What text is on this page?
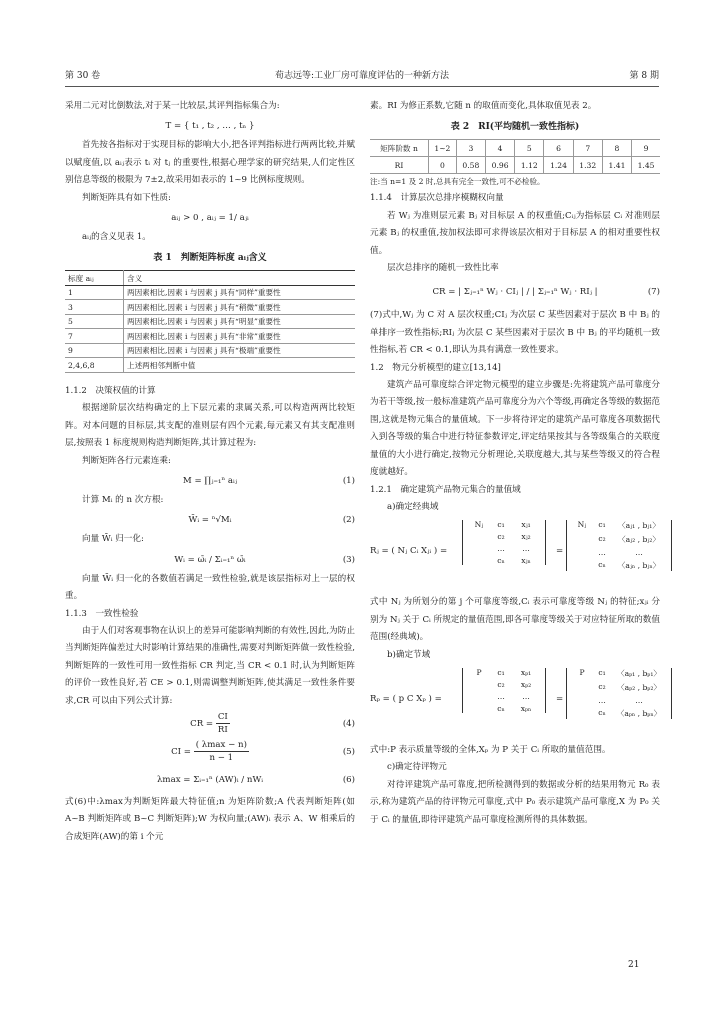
第 30 卷	荀志远等:工业厂房可靠度评估的一种新方法	第 8 期

采用二元对比倒数法,对于某一比较层,其评判指标集合为:

T = { t₁ , t₂ , … , tₙ }

首先按各指标对于实现目标的影响大小,把各评判指标进行两两比较,并赋以赋度值,以 aᵢⱼ表示 tᵢ 对 tⱼ 的重要性,根据心理学家的研究结果,人们定性区别信息等级的极限为 7±2,故采用如表示的 1~9 比例标度规则。

判断矩阵具有如下性质:

aᵢⱼ > 0 , aᵢⱼ = 1/ aⱼᵢ

aᵢⱼ的含义见表 1。

表 1　判断矩阵标度 aᵢⱼ含义
标度 aᵢⱼ	含义
1	两因素相比,因素 i 与因素 j 具有“同样”重要性
3	两因素相比,因素 i 与因素 j 具有“稍微”重要性
5	两因素相比,因素 i 与因素 j 具有“明显”重要性
7	两因素相比,因素 i 与因素 j 具有“非常”重要性
9	两因素相比,因素 i 与因素 j 具有“极端”重要性
2,4,6,8	上述两相邻判断中值

1.1.2　决策权值的计算

根据递阶层次结构确定的上下层元素的隶属关系,可以构造两两比较矩阵。对本问题的目标层,其支配的准则层有四个元素,每元素又有其支配准则层,按照表 1 标度规则构造判断矩阵,其计算过程为:

判断矩阵各行元素连乘:

M = ∏ⱼ₌₁ⁿ aᵢⱼ	(1)

计算 Mᵢ 的 n 次方根:

W̄ᵢ = ⁿ√Mᵢ	(2)

向量 W̄ᵢ 归一化:

Wᵢ = ω̄ᵢ / Σᵢ₌₁ⁿ ω̄ᵢ	(3)

向量 W̄ᵢ 归一化的各数值若满足一致性检验,就是该层指标对上一层的权重。

1.1.3　一致性检验

由于人们对客观事物在认识上的差异可能影响判断的有效性,因此,为防止当判断矩阵偏差过大时影响计算结果的准确性,需要对判断矩阵做一致性检验,判断矩阵的一致性可用一致性指标 CR 判定,当 CR < 0.1 时,认为判断矩阵的评价一致性良好,若 CE > 0.1,则需调整判断矩阵,使其满足一致性条件要求,CR 可以由下列公式计算:

CR = $\frac{CI}{RI}$	(4)
CI = $\frac{( \lambda\max - n)}{n - 1}$	(5)
λmax = Σᵢ₌₁ⁿ (AW)ᵢ / nWᵢ	(6)

式(6)中:λmax为判断矩阵最大特征值;n 为矩阵阶数;A 代表判断矩阵(如 A~B 判断矩阵或 B~C 判断矩阵);W 为权向量;(AW)ᵢ 表示 A、W 相乘后的合成矩阵(AW)的第 i 个元

素。RI 为修正系数,它随 n 的取值而变化,具体取值见表 2。

表 2　RI(平均随机一致性指标)
矩阵阶数 n	1~2	3	4	5	6	7	8	9
RI	0	0.58	0.96	1.12	1.24	1.32	1.41	1.45

注:当 n=1 及 2 时,总具有完全一致性,可不必检验。

1.1.4　计算层次总排序模糊权向量

若 Wⱼ 为准则层元素 Bⱼ 对目标层 A 的权重值;Cᵢⱼ为指标层 Cᵢ 对准则层元素 Bⱼ 的权重值,按加权法即可求得该层次相对于目标层 A 的相对重要性权值。

层次总排序的随机一致性比率

CR = | Σⱼ₌₁ⁿ Wⱼ · CIⱼ | / | Σⱼ₌₁ⁿ Wⱼ · RIⱼ |	(7)

(7)式中,Wⱼ 为 C 对 A 层次权重;CIⱼ 为次层 C 某些因素对于层次 B 中 Bⱼ 的单排序一致性指标;RIⱼ 为次层 C 某些因素对于层次 B 中 Bⱼ 的平均随机一致性指标,若 CR < 0.1,即认为具有满意一致性要求。

1.2　物元分析模型的建立[13,14]

建筑产品可靠度综合评定物元模型的建立步骤是:先将建筑产品可靠度分为若干等级,按一般标准建筑产品可靠度分为六个等级,再确定各等级的数据范围,这就是物元集合的量值域。下一步将待评定的建筑产品可靠度各项数据代入到各等级的集合中进行特征参数评定,评定结果按其与各等级集合的关联度量值的大小进行确定,按物元分析理论,关联度越大,其与某些等级又的符合程度就越好。

1.2.1　确定建筑产品物元集合的量值域

a)确定经典域

Rⱼ = ( Nⱼ Cᵢ Xⱼᵢ ) =
Nⱼ	c₁	xⱼ₁
c₂	xⱼ₂
…	…
cₙ	xⱼₙ
=
Nⱼ	c₁	〈aⱼ₁ , bⱼ₁〉
c₂	〈aⱼ₂ , bⱼ₂〉
…	…
cₙ	〈aⱼₙ , bⱼₙ〉

式中 Nⱼ 为所划分的第 j 个可靠度等级,Cᵢ 表示可靠度等级 Nⱼ 的特征;xⱼᵢ 分别为 Nⱼ 关于 Cᵢ 所规定的量值范围,即各可靠度等级关于对应特征所取的数值范围(经典域)。

b)确定节域

Rₚ = ( p C Xₚ ) =
P	c₁	xₚ₁
c₂	xₚ₂
…	…
cₙ	xₚₙ
=
P	c₁	〈aₚ₁ , bₚ₁〉
c₂	〈aₚ₂ , bₚ₂〉
…	…
cₙ	〈aₚₙ , bₚₙ〉

式中:P 表示质量等级的全体,Xₚ 为 P 关于 Cᵢ 所取的量值范围。

c)确定待评物元

对待评建筑产品可靠度,把所检测得到的数据或分析的结果用物元 R₀ 表示,称为建筑产品的待评物元可靠度,式中 P₀ 表示建筑产品可靠度,X 为 P₀ 关于 Cᵢ 的量值,即待评建筑产品可靠度检测所得的具体数据。

21
